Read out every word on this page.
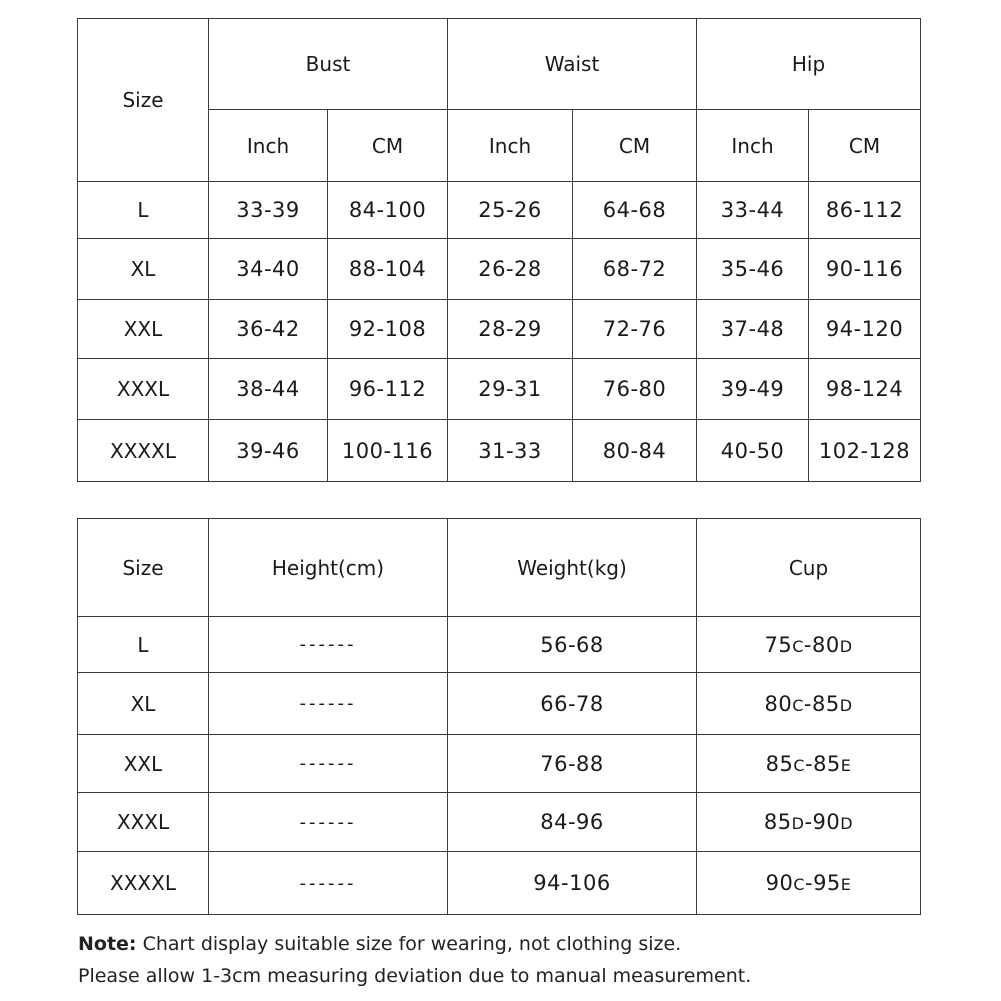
Size	Bust		Waist		Hip	
	Inch	CM	Inch	CM	Inch	CM
L	33-39	84-100	25-26	64-68	33-44	86-112
XL	34-40	88-104	26-28	68-72	35-46	90-116
XXL	36-42	92-108	28-29	72-76	37-48	94-120
XXXL	38-44	96-112	29-31	76-80	39-49	98-124
XXXXL	39-46	100-116	31-33	80-84	40-50	102-128
Size	Height(cm)	Weight(kg)	Cup
L	------	56-68	75C-80D
XL	------	66-78	80C-85D
XXL	------	76-88	85C-85E
XXXL	------	84-96	85D-90D
XXXXL	------	94-106	90C-95E
Note: Chart display suitable size for wearing, not clothing size.
Please allow 1-3cm measuring deviation due to manual measurement.
